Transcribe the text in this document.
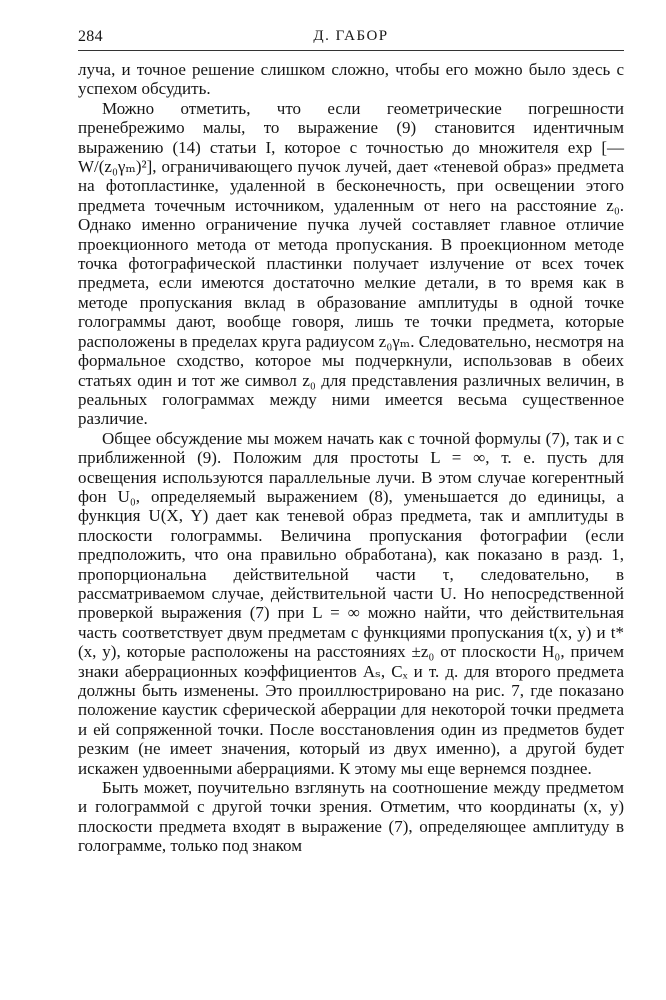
284	Д. ГАБОР

луча, и точное решение слишком сложно, чтобы его можно было здесь с успехом обсудить.

Можно отметить, что если геометрические погрешности пренебрежимо малы, то выражение (9) становится идентичным выражению (14) статьи I, которое с точностью до множителя exp [—W/(z₀γₘ)²], ограничивающего пучок лучей, дает «теневой образ» предмета на фотопластинке, удаленной в бесконечность, при освещении этого предмета точечным источником, удаленным от него на расстояние z₀. Однако именно ограничение пучка лучей составляет главное отличие проекционного метода от метода пропускания. В проекционном методе точка фотографической пластинки получает излучение от всех точек предмета, если имеются достаточно мелкие детали, в то время как в методе пропускания вклад в образование амплитуды в одной точке голограммы дают, вообще говоря, лишь те точки предмета, которые расположены в пределах круга радиусом z₀γₘ. Следовательно, несмотря на формальное сходство, которое мы подчеркнули, использовав в обеих статьях один и тот же символ z₀ для представления различных величин, в реальных голограммах между ними имеется весьма существенное различие.

Общее обсуждение мы можем начать как с точной формулы (7), так и с приближенной (9). Положим для простоты L = ∞, т. е. пусть для освещения используются параллельные лучи. В этом случае когерентный фон U₀, определяемый выражением (8), уменьшается до единицы, а функция U(X, Y) дает как теневой образ предмета, так и амплитуды в плоскости голограммы. Величина пропускания фотографии (если предположить, что она правильно обработана), как показано в разд. 1, пропорциональна действительной части τ, следовательно, в рассматриваемом случае, действительной части U. Но непосредственной проверкой выражения (7) при L = ∞ можно найти, что действительная часть соответствует двум предметам с функциями пропускания t(x, y) и t*(x, y), которые расположены на расстояниях ±z₀ от плоскости H₀, причем знаки аберрационных коэффициентов Aₛ, Cₓ и т. д. для второго предмета должны быть изменены. Это проиллюстрировано на рис. 7, где показано положение каустик сферической аберрации для некоторой точки предмета и ей сопряженной точки. После восстановления один из предметов будет резким (не имеет значения, который из двух именно), а другой будет искажен удвоенными аберрациями. К этому мы еще вернемся позднее.

Быть может, поучительно взглянуть на соотношение между предметом и голограммой с другой точки зрения. Отметим, что координаты (x, y) плоскости предмета входят в выражение (7), определяющее амплитуду в голограмме, только под знаком
